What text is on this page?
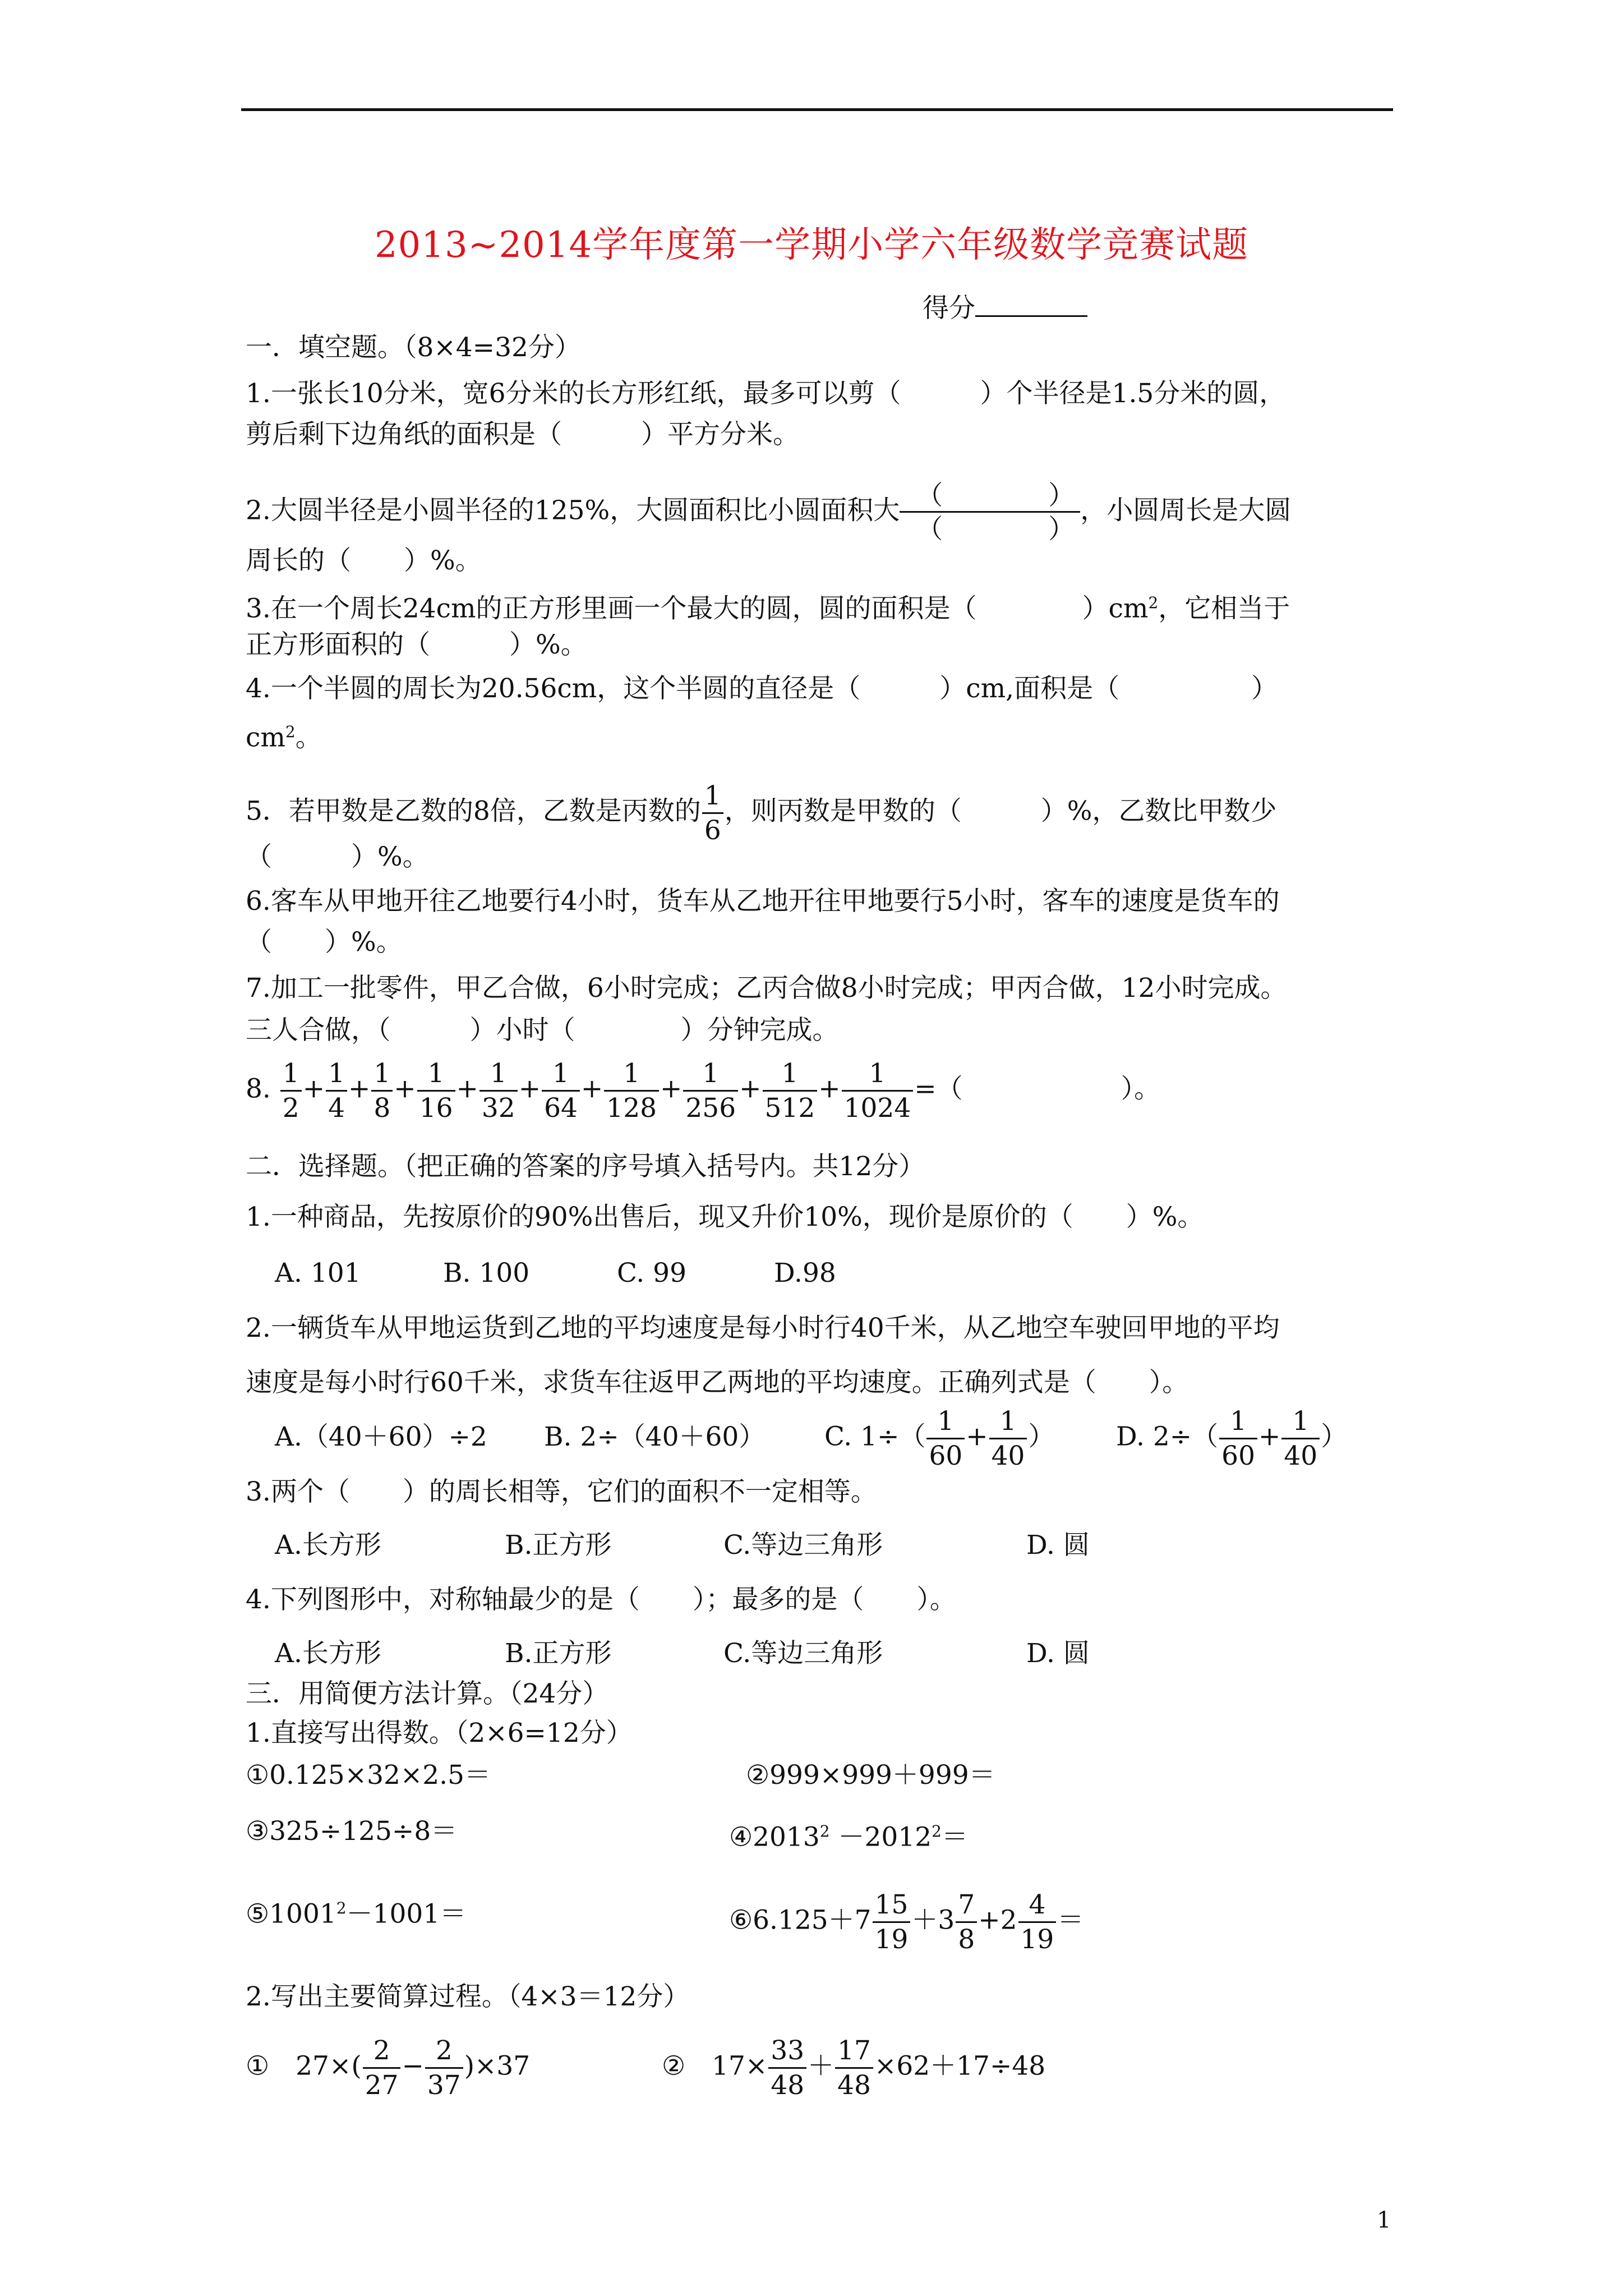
2013~2014学年度第一学期小学六年级数学竞赛试题
得分
一．填空题。（8×4=32分）
1.一张长10分米，宽6分米的长方形红纸，最多可以剪（　　　）个半径是1.5分米的圆，
剪后剩下边角纸的面积是（　　　）平方分米。
2.大圆半径是小圆半径的125%，大圆面积比小圆面积大 （　　　　）
（　　　　）
，小圆周长是大圆
周长的（　　）%。
3.在一个周长24cm的正方形里画一个最大的圆，圆的面积是（　　　　）$cm^2$，它相当于
正方形面积的（　　　）%。
4.一个半圆的周长为20.56cm，这个半圆的直径是（　　　）cm,面积是（　　　　　）
$cm^2$。
5．若甲数是乙数的8倍，乙数是丙数的 $\frac{1}{6}$ ，则丙数是甲数的（　　　）%，乙数比甲数少
（　　　）%。
6.客车从甲地开往乙地要行4小时，货车从乙地开往甲地要行5小时，客车的速度是货车的
（　　）%。
7.加工一批零件，甲乙合做，6小时完成；乙丙合做8小时完成；甲丙合做，12小时完成。
三人合做，（　　　）小时（　　　　）分钟完成。
8. $\frac{1}{2} + \frac{1}{4} + \frac{1}{8} + \frac{1}{16} + \frac{1}{32} + \frac{1}{64} + \frac{1}{128} + \frac{1}{256} + \frac{1}{512} + \frac{1}{1024}$ =（　　　　　　）。
二．选择题。（把正确的答案的序号填入括号内。共12分）
1.一种商品，先按原价的90%出售后，现又升价10%，现价是原价的（　　）%。
A. 101	B. 100	C. 99	D.98
2.一辆货车从甲地运货到乙地的平均速度是每小时行40千米，从乙地空车驶回甲地的平均
速度是每小时行60千米，求货车往返甲乙两地的平均速度。正确列式是（　　）。
A.（40＋60）÷2 B. 2÷（40＋60） C. $1\div( \frac{1}{60} + \frac{1}{40}$ ） D. $2\div( \frac{1}{60} + \frac{1}{40}$ ）
3.两个（　　）的周长相等，它们的面积不一定相等。
A.长方形	B.正方形	C.等边三角形	D. 圆
4.下列图形中，对称轴最少的是（　　）；最多的是（　　）。
A.长方形	B.正方形	C.等边三角形	D. 圆
三．用简便方法计算。（24分）
1.直接写出得数。（2×6=12分）
①0.125×32×2.5＝	②999×999＋999＝
③325÷125÷8＝	$④2013^2 -2012^2=$
$⑤1001^2-1001=$	⑥6.125＋7 $\frac{15}{19} +3 \frac{7}{8} +2 \frac{4}{19}$ ＝
2.写出主要简算过程。（4×3＝12分）
①　$27\times( \frac{2}{27} - \frac{2}{37} )\times 37$	②　$17\times \frac{33}{48} + \frac{17}{48} \times 62+17\div 48$
1
